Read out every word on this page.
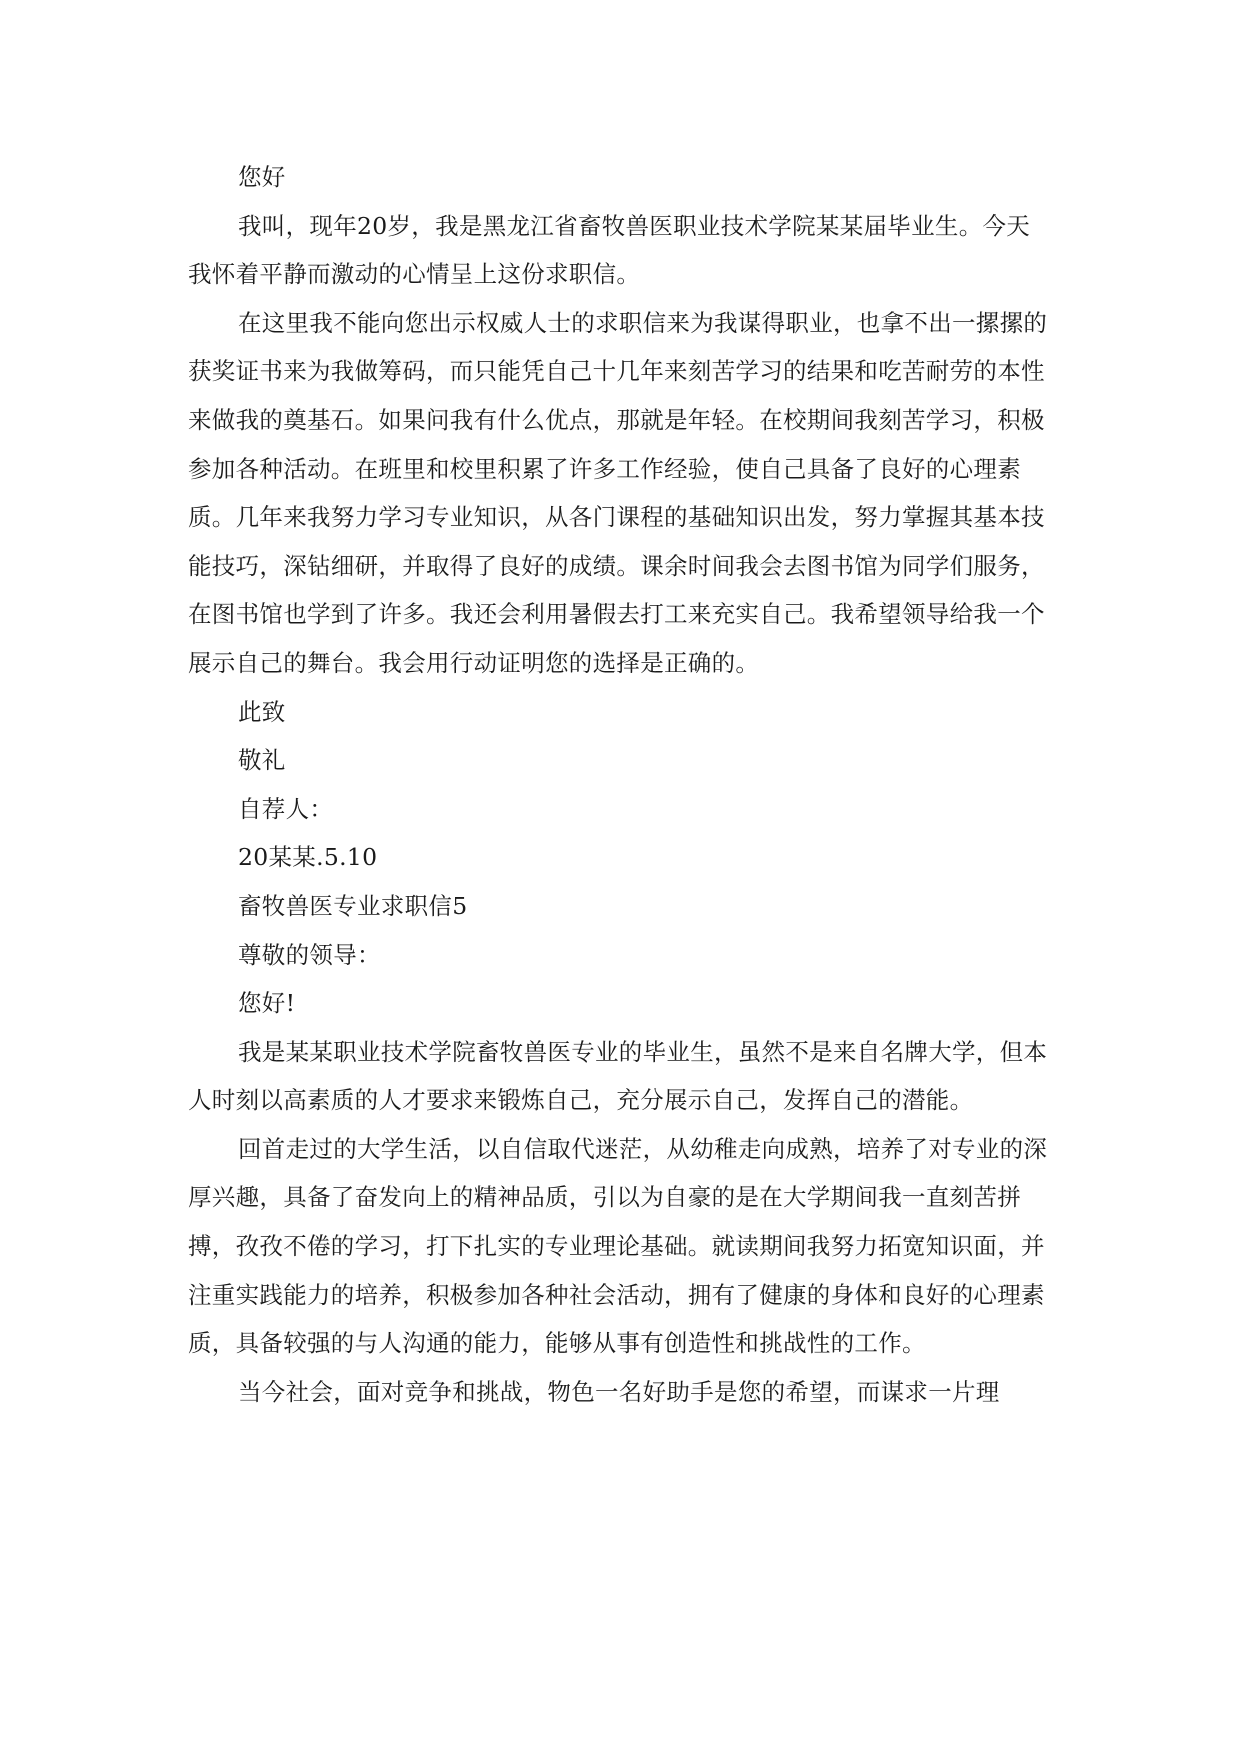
您好

我叫，现年20岁，我是黑龙江省畜牧兽医职业技术学院某某届毕业生。今天我怀着平静而激动的心情呈上这份求职信。

在这里我不能向您出示权威人士的求职信来为我谋得职业，也拿不出一摞摞的获奖证书来为我做筹码，而只能凭自己十几年来刻苦学习的结果和吃苦耐劳的本性来做我的奠基石。如果问我有什么优点，那就是年轻。在校期间我刻苦学习，积极参加各种活动。在班里和校里积累了许多工作经验，使自己具备了良好的心理素质。几年来我努力学习专业知识，从各门课程的基础知识出发，努力掌握其基本技能技巧，深钻细研，并取得了良好的成绩。课余时间我会去图书馆为同学们服务，在图书馆也学到了许多。我还会利用暑假去打工来充实自己。我希望领导给我一个展示自己的舞台。我会用行动证明您的选择是正确的。

此致

敬礼

自荐人：

20某某.5.10

畜牧兽医专业求职信5

尊敬的领导：

您好!

我是某某职业技术学院畜牧兽医专业的毕业生，虽然不是来自名牌大学，但本人时刻以高素质的人才要求来锻炼自己，充分展示自己，发挥自己的潜能。

回首走过的大学生活，以自信取代迷茫，从幼稚走向成熟，培养了对专业的深厚兴趣，具备了奋发向上的精神品质，引以为自豪的是在大学期间我一直刻苦拼搏，孜孜不倦的学习，打下扎实的专业理论基础。就读期间我努力拓宽知识面，并注重实践能力的培养，积极参加各种社会活动，拥有了健康的身体和良好的心理素质，具备较强的与人沟通的能力，能够从事有创造性和挑战性的工作。

当今社会，面对竞争和挑战，物色一名好助手是您的希望，而谋求一片理
